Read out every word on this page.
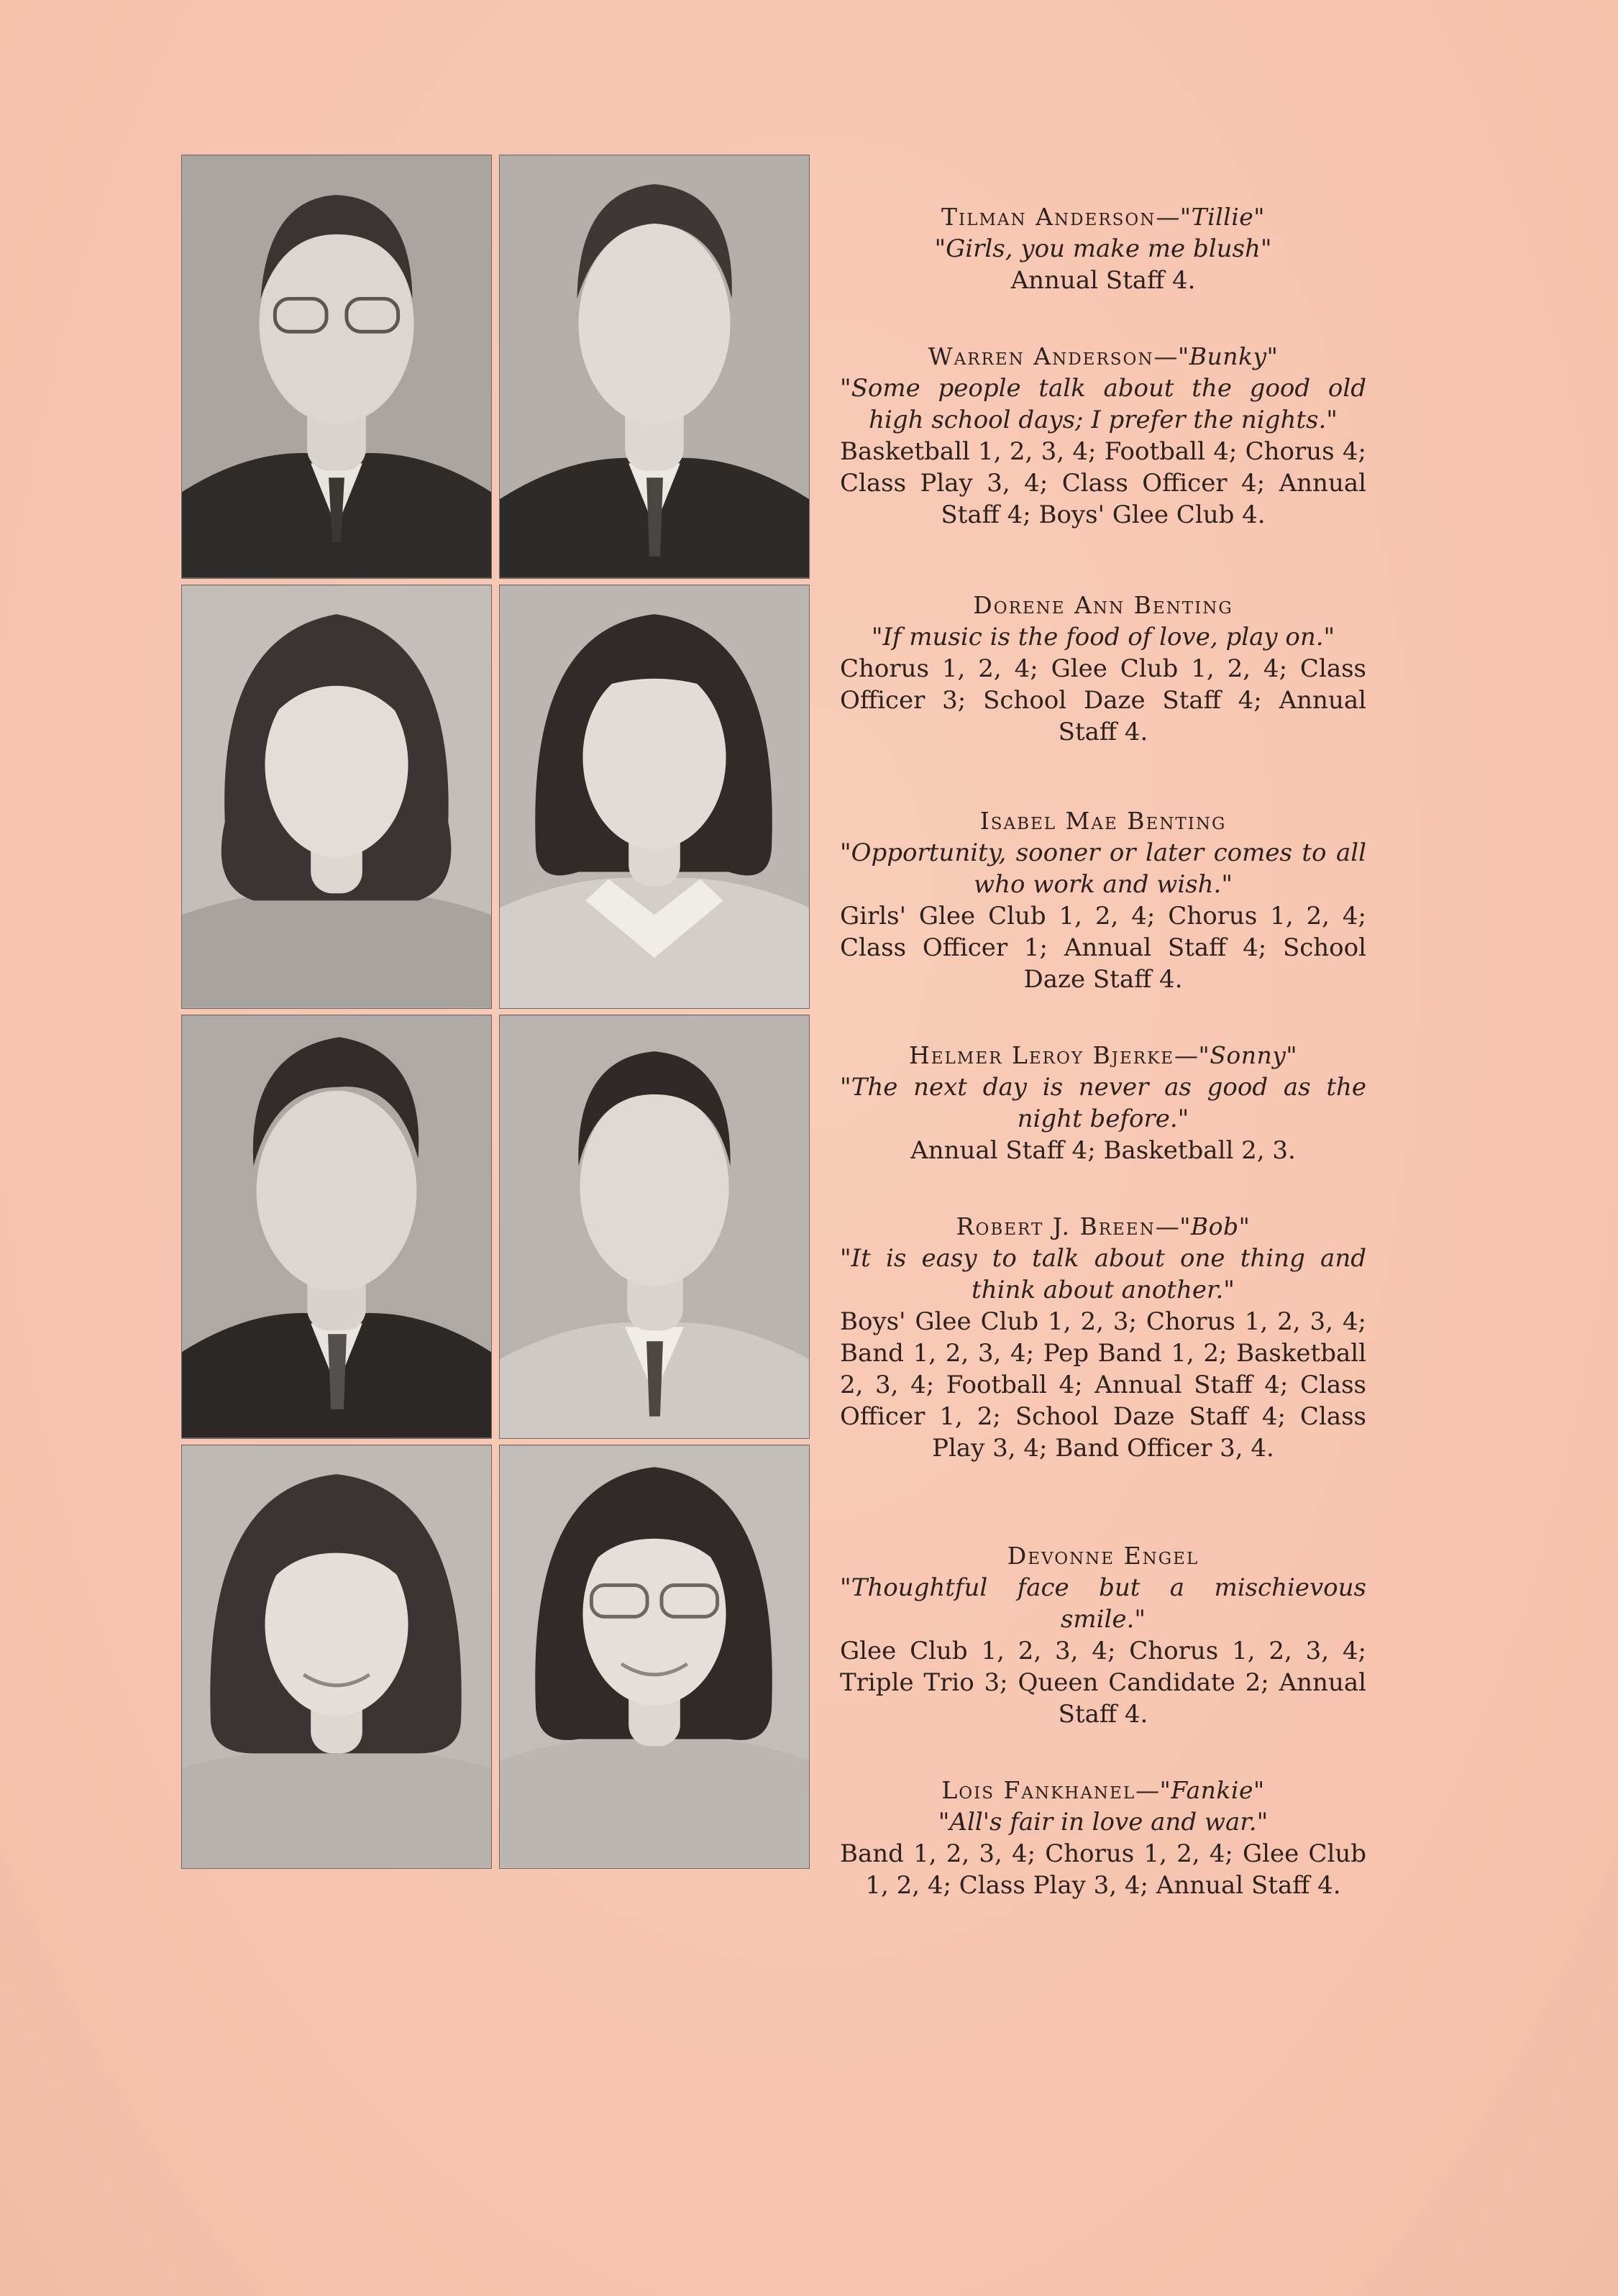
Tilman Anderson—"Tillie"
"Girls, you make me blush"
Annual Staff 4.
Warren Anderson—"Bunky"
"Some people talk about the good old high school days; I prefer the nights."
Basketball 1, 2, 3, 4; Football 4; Chorus 4; Class Play 3, 4; Class Officer 4; Annual Staff 4; Boys' Glee Club 4.
Dorene Ann Benting
"If music is the food of love, play on."
Chorus 1, 2, 4; Glee Club 1, 2, 4; Class Officer 3; School Daze Staff 4; Annual Staff 4.
Isabel Mae Benting
"Opportunity, sooner or later comes to all who work and wish."
Girls' Glee Club 1, 2, 4; Chorus 1, 2, 4; Class Officer 1; Annual Staff 4; School Daze Staff 4.
Helmer Leroy Bjerke—"Sonny"
"The next day is never as good as the night before."
Annual Staff 4; Basketball 2, 3.
Robert J. Breen—"Bob"
"It is easy to talk about one thing and think about another."
Boys' Glee Club 1, 2, 3; Chorus 1, 2, 3, 4; Band 1, 2, 3, 4; Pep Band 1, 2; Basketball 2, 3, 4; Football 4; Annual Staff 4; Class Officer 1, 2; School Daze Staff 4; Class Play 3, 4; Band Officer 3, 4.
Devonne Engel
"Thoughtful face but a mischievous smile."
Glee Club 1, 2, 3, 4; Chorus 1, 2, 3, 4; Triple Trio 3; Queen Candidate 2; Annual Staff 4.
Lois Fankhanel—"Fankie"
"All's fair in love and war."
Band 1, 2, 3, 4; Chorus 1, 2, 4; Glee Club 1, 2, 4; Class Play 3, 4; Annual Staff 4.
